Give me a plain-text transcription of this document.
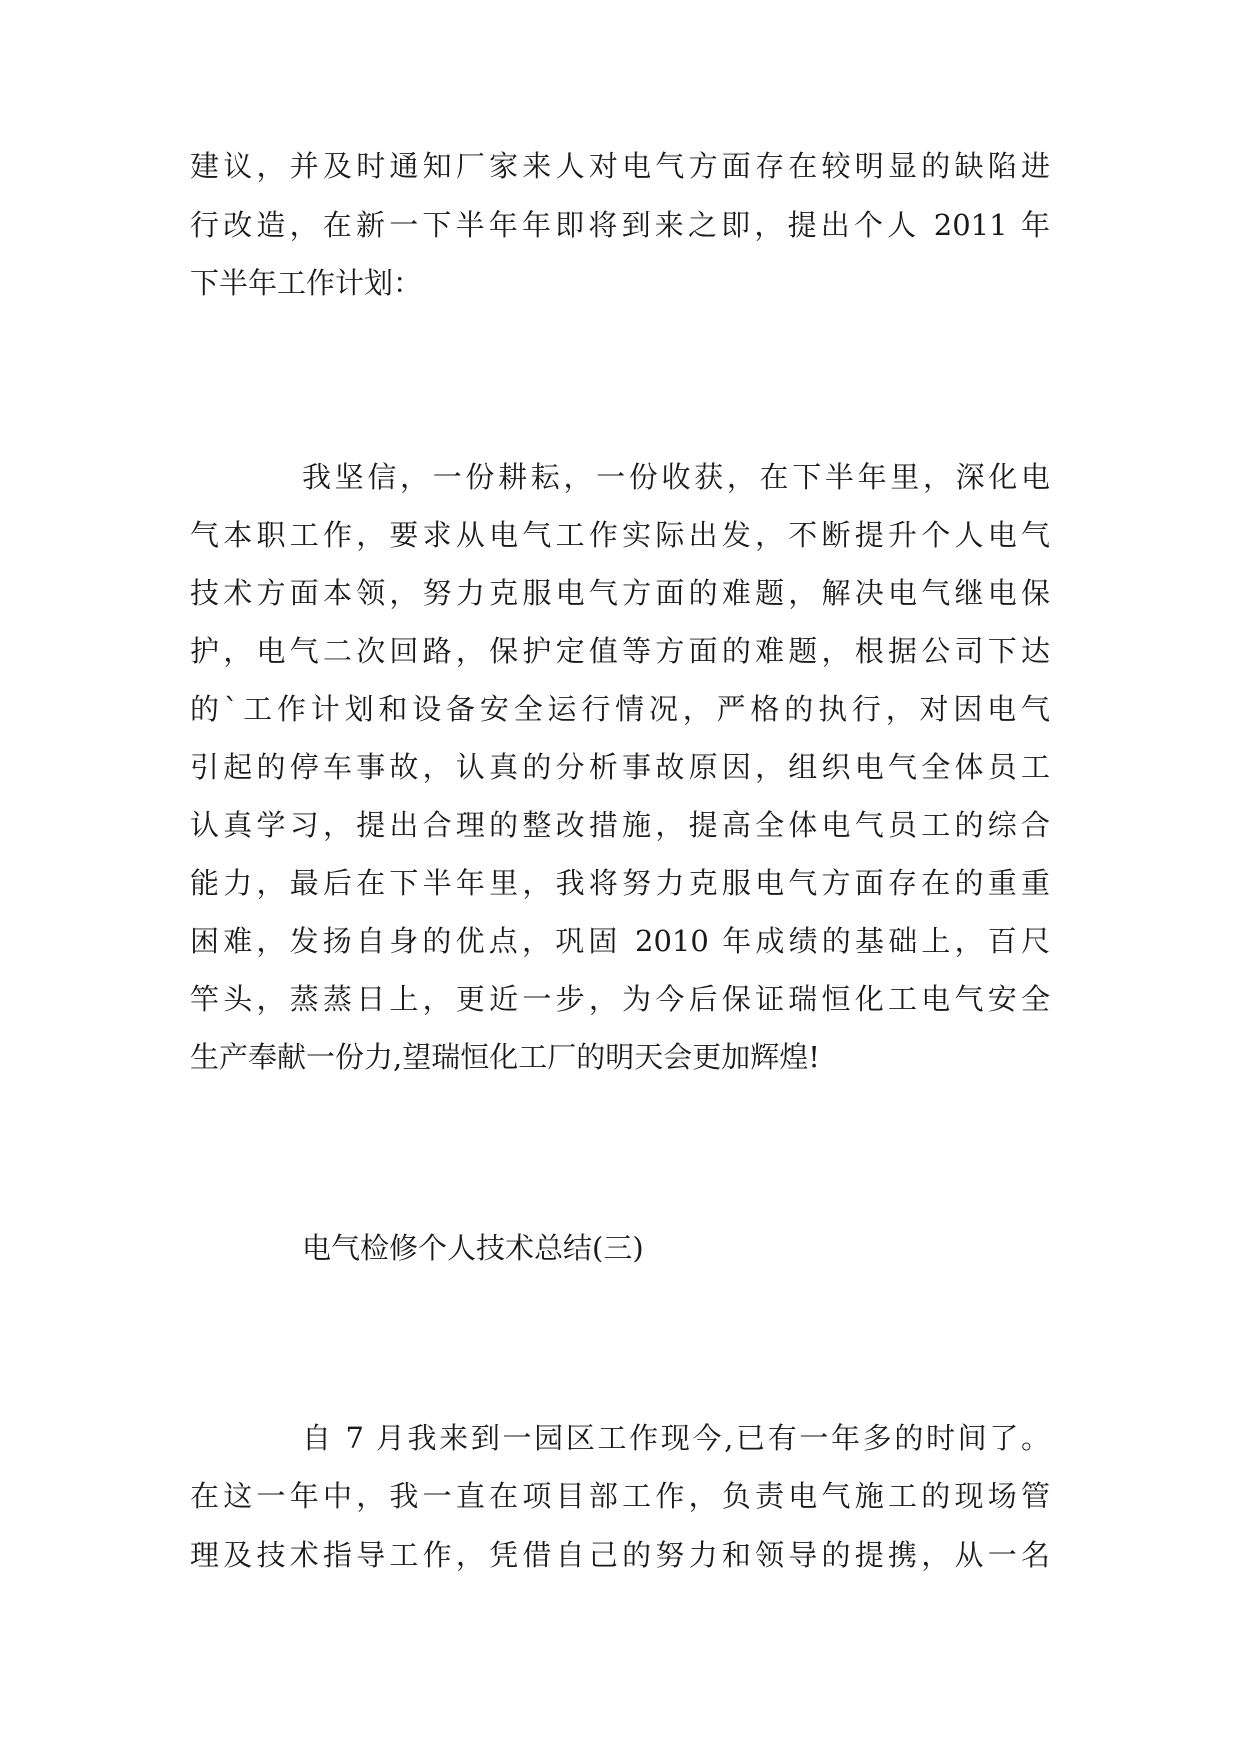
建议，并及时通知厂家来人对电气方面存在较明显的缺陷进
行改造，在新一下半年年即将到来之即，提出个人 2011 年
下半年工作计划：
我坚信，一份耕耘，一份收获，在下半年里，深化电
气本职工作，要求从电气工作实际出发，不断提升个人电气
技术方面本领，努力克服电气方面的难题，解决电气继电保
护，电气二次回路，保护定值等方面的难题，根据公司下达
的`工作计划和设备安全运行情况，严格的执行，对因电气
引起的停车事故，认真的分析事故原因，组织电气全体员工
认真学习，提出合理的整改措施，提高全体电气员工的综合
能力，最后在下半年里，我将努力克服电气方面存在的重重
困难，发扬自身的优点，巩固 2010 年成绩的基础上，百尺
竿头，蒸蒸日上，更近一步，为今后保证瑞恒化工电气安全
生产奉献一份力,望瑞恒化工厂的明天会更加辉煌!
电气检修个人技术总结(三)
自 7 月我来到一园区工作现今,已有一年多的时间了。
在这一年中，我一直在项目部工作，负责电气施工的现场管
理及技术指导工作，凭借自己的努力和领导的提携，从一名
